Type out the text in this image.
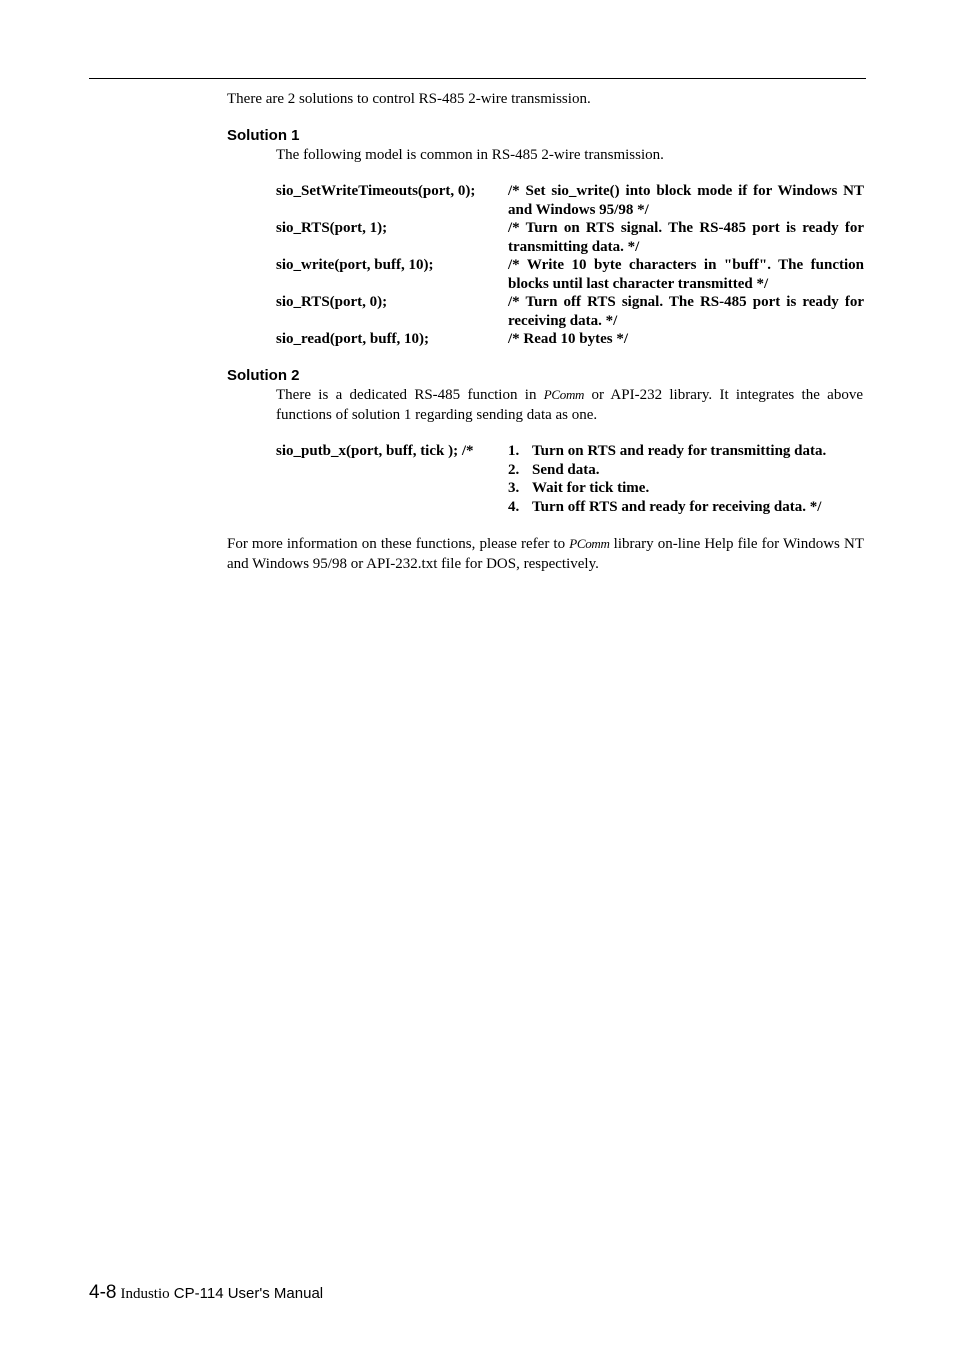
There are 2 solutions to control RS-485 2-wire transmission.
Solution 1
The following model is common in RS-485 2-wire transmission.
sio_SetWriteTimeouts(port, 0);	/* Set sio_write() into block mode if for Windows NT and Windows 95/98 */
sio_RTS(port, 1);	/* Turn on RTS signal. The RS-485 port is ready for transmitting data. */
sio_write(port, buff, 10);	/* Write 10 byte characters in "buff". The function blocks until last character transmitted */
sio_RTS(port, 0);	/* Turn off RTS signal. The RS-485 port is ready for receiving data. */
sio_read(port, buff, 10);	/* Read 10 bytes */
Solution 2
There is a dedicated RS-485 function in PComm or API-232 library. It integrates the above functions of solution 1 regarding sending data as one.
sio_putb_x(port, buff, tick ); /*	1. Turn on RTS and ready for transmitting data.
2. Send data.
3. Wait for tick time.
4. Turn off RTS and ready for receiving data. */
For more information on these functions, please refer to PComm library on-line Help file for Windows NT and Windows 95/98 or API-232.txt file for DOS, respectively.
4-8 Industio CP-114 User's Manual
